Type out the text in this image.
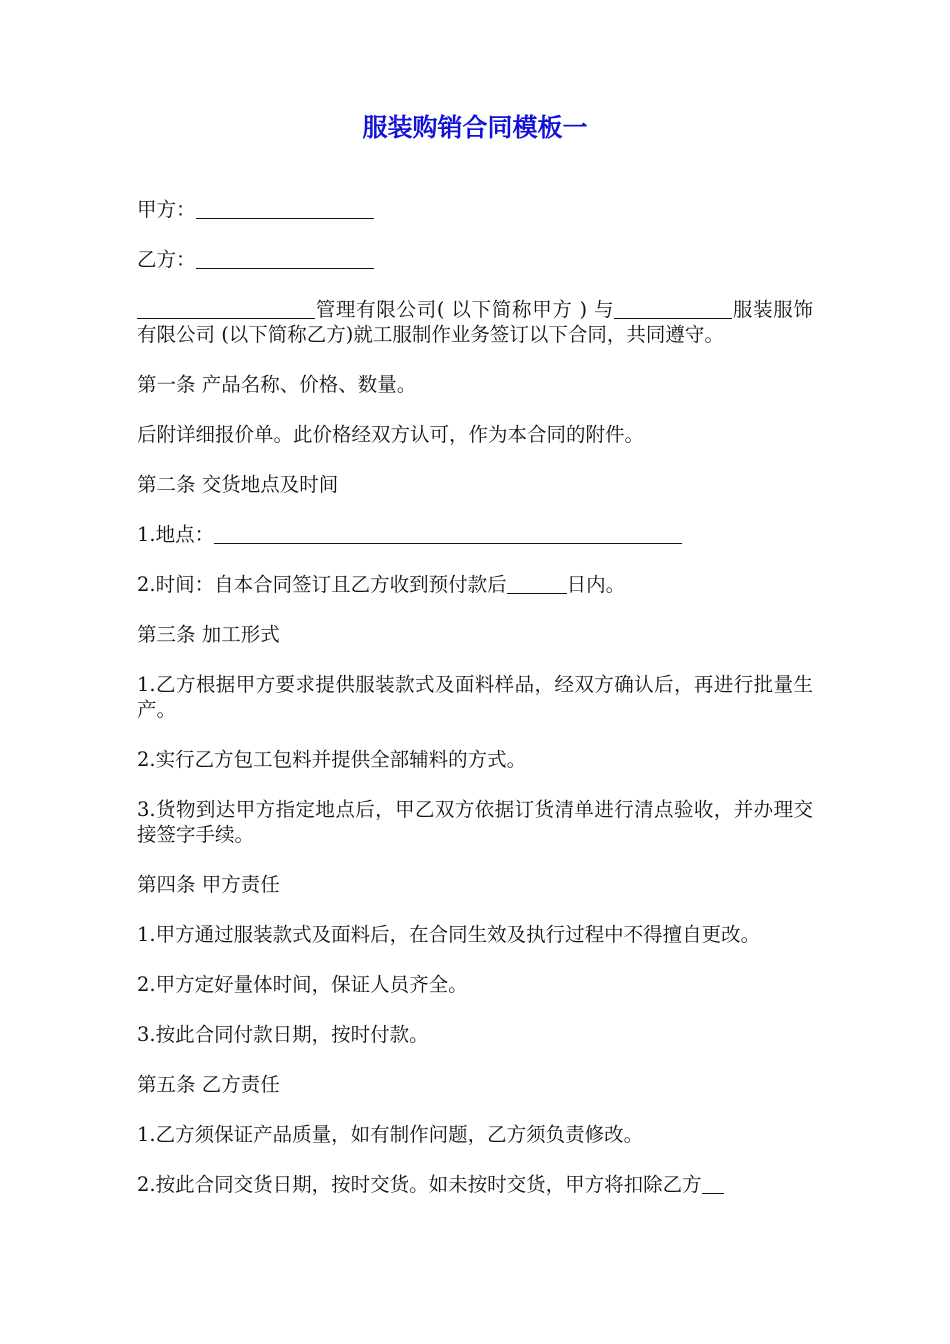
服装购销合同模板一

甲方：

乙方：

管理有限公司( 以下简称甲方 ) 与	服装服饰有限公司 (以下简称乙方)就工服制作业务签订以下合同，共同遵守。

第一条 产品名称、价格、数量。

后附详细报价单。此价格经双方认可，作为本合同的附件。

第二条 交货地点及时间

1.地点：

2.时间：自本合同签订且乙方收到预付款后	日内。

第三条 加工形式

1.乙方根据甲方要求提供服装款式及面料样品，经双方确认后，再进行批量生产。

2.实行乙方包工包料并提供全部辅料的方式。

3.货物到达甲方指定地点后，甲乙双方依据订货清单进行清点验收，并办理交接签字手续。

第四条 甲方责任

1.甲方通过服装款式及面料后，在合同生效及执行过程中不得擅自更改。

2.甲方定好量体时间，保证人员齐全。

3.按此合同付款日期，按时付款。

第五条 乙方责任

1.乙方须保证产品质量，如有制作问题，乙方须负责修改。

2.按此合同交货日期，按时交货。如未按时交货，甲方将扣除乙方
